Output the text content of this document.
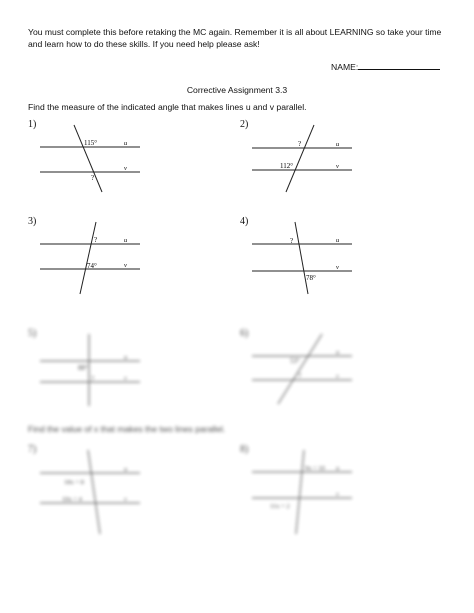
You must complete this before retaking the MC again. Remember it is all about LEARNING so take your time and learn how to do these skills. If you need help please ask!
NAME:
Corrective Assignment 3.3
Find the measure of the indicated angle that makes lines u and v parallel.
1)
115°
?
u
v
2)
?
112°
u
v
3)
?
74°
u
v
4)
?
78°
u
v
5)
88°
?
u
v
6)
53°
?
u
v
Find the value of x that makes the two lines parallel.
7)
18x + 8
10x + 4
u
v
8)
9x + 10
11x + 2
u
v
